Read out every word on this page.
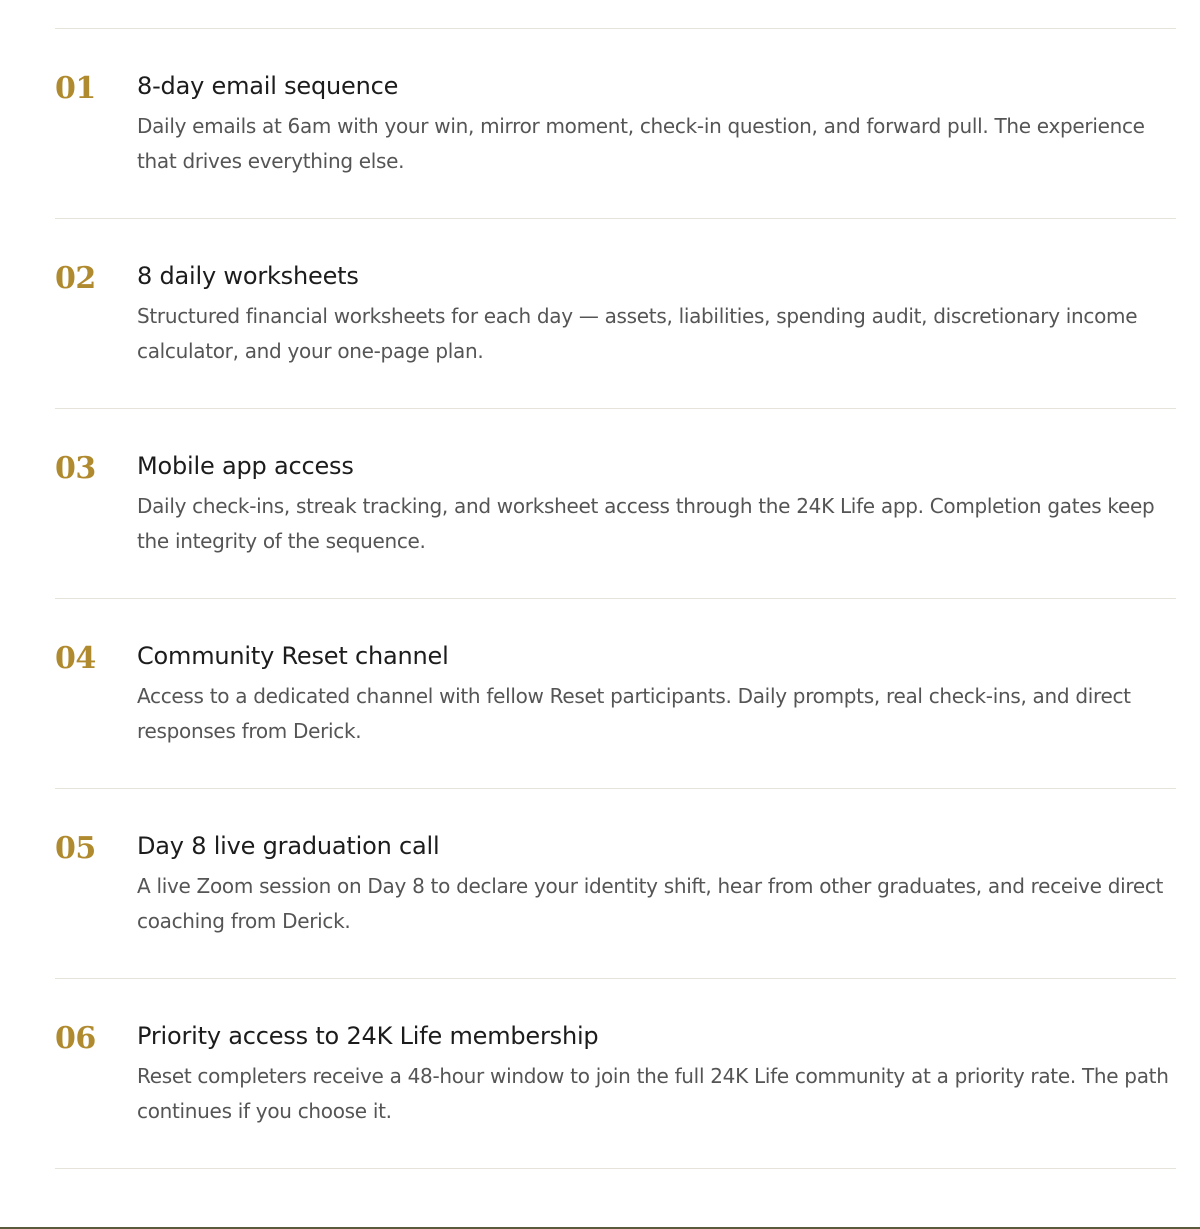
01 8-day email sequence

Daily emails at 6am with your win, mirror moment, check-in question, and forward pull. The experience that drives everything else.

02 8 daily worksheets

Structured financial worksheets for each day — assets, liabilities, spending audit, discretionary income calculator, and your one-page plan.

03 Mobile app access

Daily check-ins, streak tracking, and worksheet access through the 24K Life app. Completion gates keep the integrity of the sequence.

04 Community Reset channel

Access to a dedicated channel with fellow Reset participants. Daily prompts, real check-ins, and direct responses from Derick.

05 Day 8 live graduation call

A live Zoom session on Day 8 to declare your identity shift, hear from other graduates, and receive direct coaching from Derick.

06 Priority access to 24K Life membership

Reset completers receive a 48-hour window to join the full 24K Life community at a priority rate. The path continues if you choose it.
